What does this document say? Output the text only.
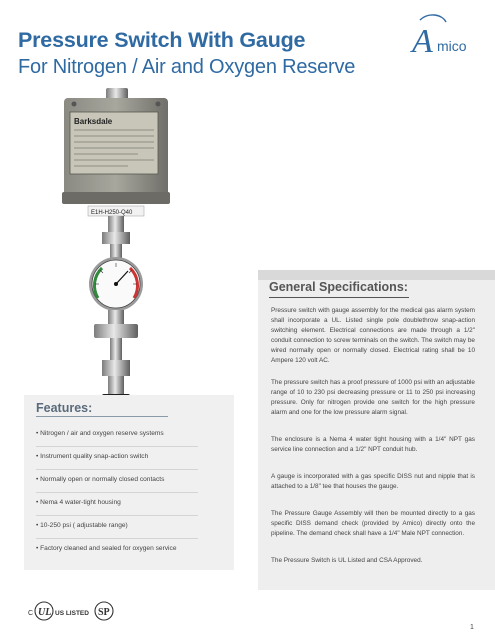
Pressure Switch With Gauge
For Nitrogen / Air and Oxygen Reserve
A mico
Barksdale
E1H-H250-Q40
General Specifications:
Pressure switch with gauge assembly for the medical gas alarm system shall incorporate a UL. Listed single pole doublethrow snap-action switching element. Electrical connections are made through a 1/2" conduit connection to screw terminals on the switch. The switch may be wired normally open or normally closed. Electrical rating shall be 10 Ampere 120 volt AC.
The pressure switch has a proof pressure of 1000 psi with an adjustable range of 10 to 230 psi decreasing pressure or 11 to 250 psi increasing pressure. Only for nitrogen provide one switch for the high pressure alarm and one for the low pressure alarm signal.
The enclosure is a Nema 4 water tight housing with a 1/4" NPT gas service line connection and a 1/2" NPT conduit hub.
A gauge is incorporated with a gas specific DISS nut and nipple that is attached to a 1/8" tee that houses the gauge.
The Pressure Gauge Assembly will then be mounted directly to a gas specific DISS demand check (provided by Amico) directly onto the pipeline. The demand check shall have a 1/4" Male NPT connection.
The Pressure Switch is UL Listed and CSA Approved.
Features:
• Nitrogen / air and oxygen reserve systems
• Instrument quality snap-action switch
• Normally open or normally closed contacts
• Nema 4 water-tight housing
• 10-250 psi ( adjustable range)
• Factory cleaned and sealed for oxygen service
C UL US LISTED SP
1
